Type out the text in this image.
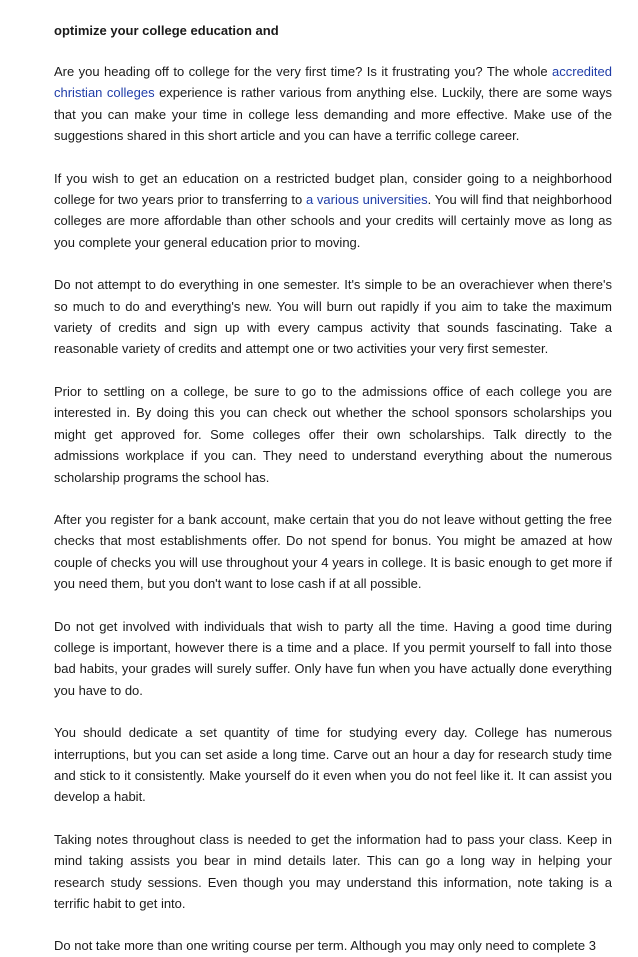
optimize your college education and

Are you heading off to college for the very first time? Is it frustrating you? The whole accredited christian colleges experience is rather various from anything else. Luckily, there are some ways that you can make your time in college less demanding and more effective. Make use of the suggestions shared in this short article and you can have a terrific college career.

If you wish to get an education on a restricted budget plan, consider going to a neighborhood college for two years prior to transferring to a various universities. You will find that neighborhood colleges are more affordable than other schools and your credits will certainly move as long as you complete your general education prior to moving.

Do not attempt to do everything in one semester. It's simple to be an overachiever when there's so much to do and everything's new. You will burn out rapidly if you aim to take the maximum variety of credits and sign up with every campus activity that sounds fascinating. Take a reasonable variety of credits and attempt one or two activities your very first semester.

Prior to settling on a college, be sure to go to the admissions office of each college you are interested in. By doing this you can check out whether the school sponsors scholarships you might get approved for. Some colleges offer their own scholarships. Talk directly to the admissions workplace if you can. They need to understand everything about the numerous scholarship programs the school has.

After you register for a bank account, make certain that you do not leave without getting the free checks that most establishments offer. Do not spend for bonus. You might be amazed at how couple of checks you will use throughout your 4 years in college. It is basic enough to get more if you need them, but you don't want to lose cash if at all possible.

Do not get involved with individuals that wish to party all the time. Having a good time during college is important, however there is a time and a place. If you permit yourself to fall into those bad habits, your grades will surely suffer. Only have fun when you have actually done everything you have to do.

You should dedicate a set quantity of time for studying every day. College has numerous interruptions, but you can set aside a long time. Carve out an hour a day for research study time and stick to it consistently. Make yourself do it even when you do not feel like it. It can assist you develop a habit.

Taking notes throughout class is needed to get the information had to pass your class. Keep in mind taking assists you bear in mind details later. This can go a long way in helping your research study sessions. Even though you may understand this information, note taking is a terrific habit to get into.

Do not take more than one writing course per term. Although you may only need to complete 3
